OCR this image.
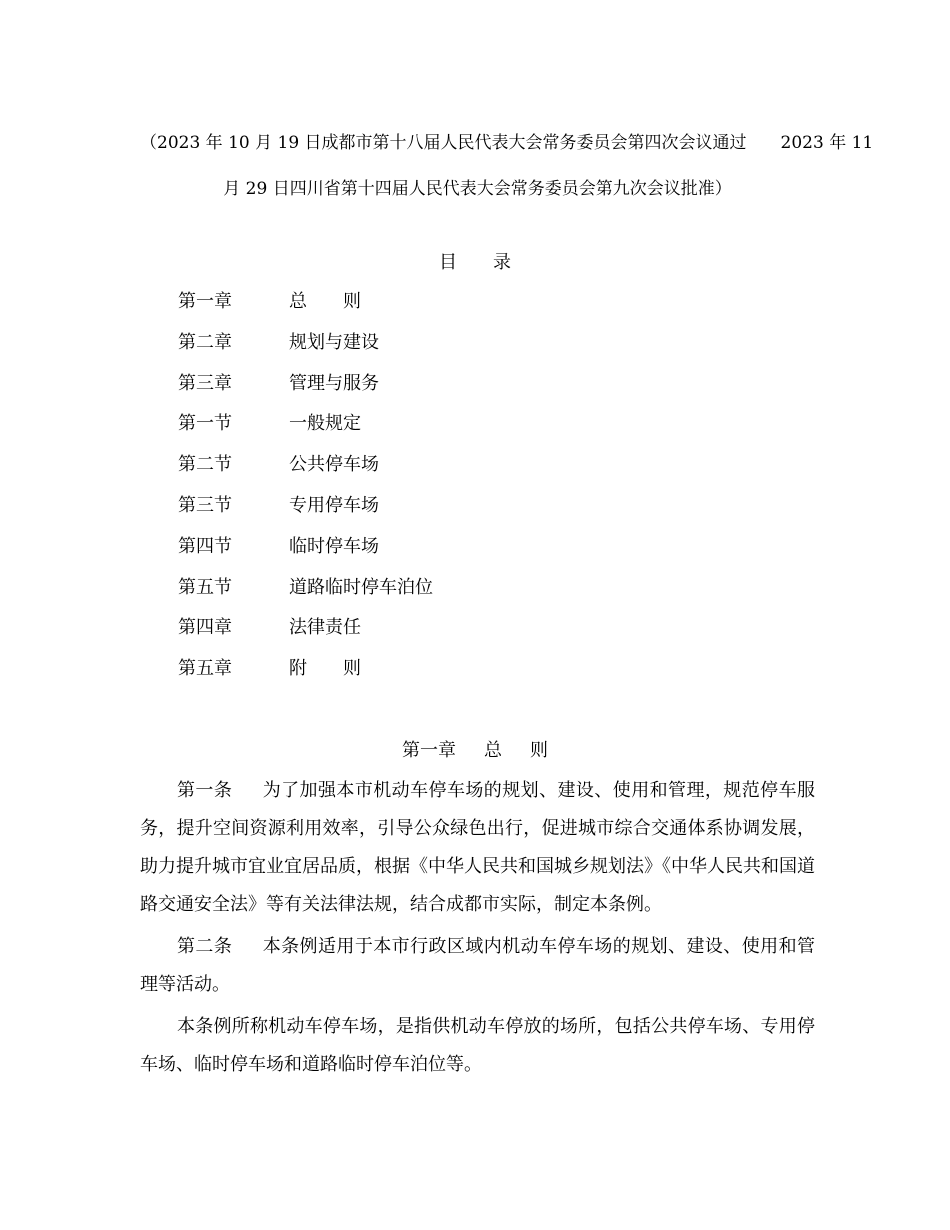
（2023 年 10 月 19 日成都市第十八届人民代表大会常务委员会第四次会议通过　　2023 年 11
月 29 日四川省第十四届人民代表大会常务委员会第九次会议批准）
目 录
第一章	总　　则
第二章	规划与建设
第三章	管理与服务
第一节	一般规定
第二节	公共停车场
第三节	专用停车场
第四节	临时停车场
第五节	道路临时停车泊位
第四章	法律责任
第五章	附　　则
第一章 总 则

第一条 为了加强本市机动车停车场的规划、建设、使用和管理，规范停车服务，提升空间资源利用效率，引导公众绿色出行，促进城市综合交通体系协调发展，助力提升城市宜业宜居品质，根据《中华人民共和国城乡规划法》《中华人民共和国道路交通安全法》等有关法律法规，结合成都市实际，制定本条例。

第二条 本条例适用于本市行政区域内机动车停车场的规划、建设、使用和管理等活动。

本条例所称机动车停车场，是指供机动车停放的场所，包括公共停车场、专用停车场、临时停车场和道路临时停车泊位等。
